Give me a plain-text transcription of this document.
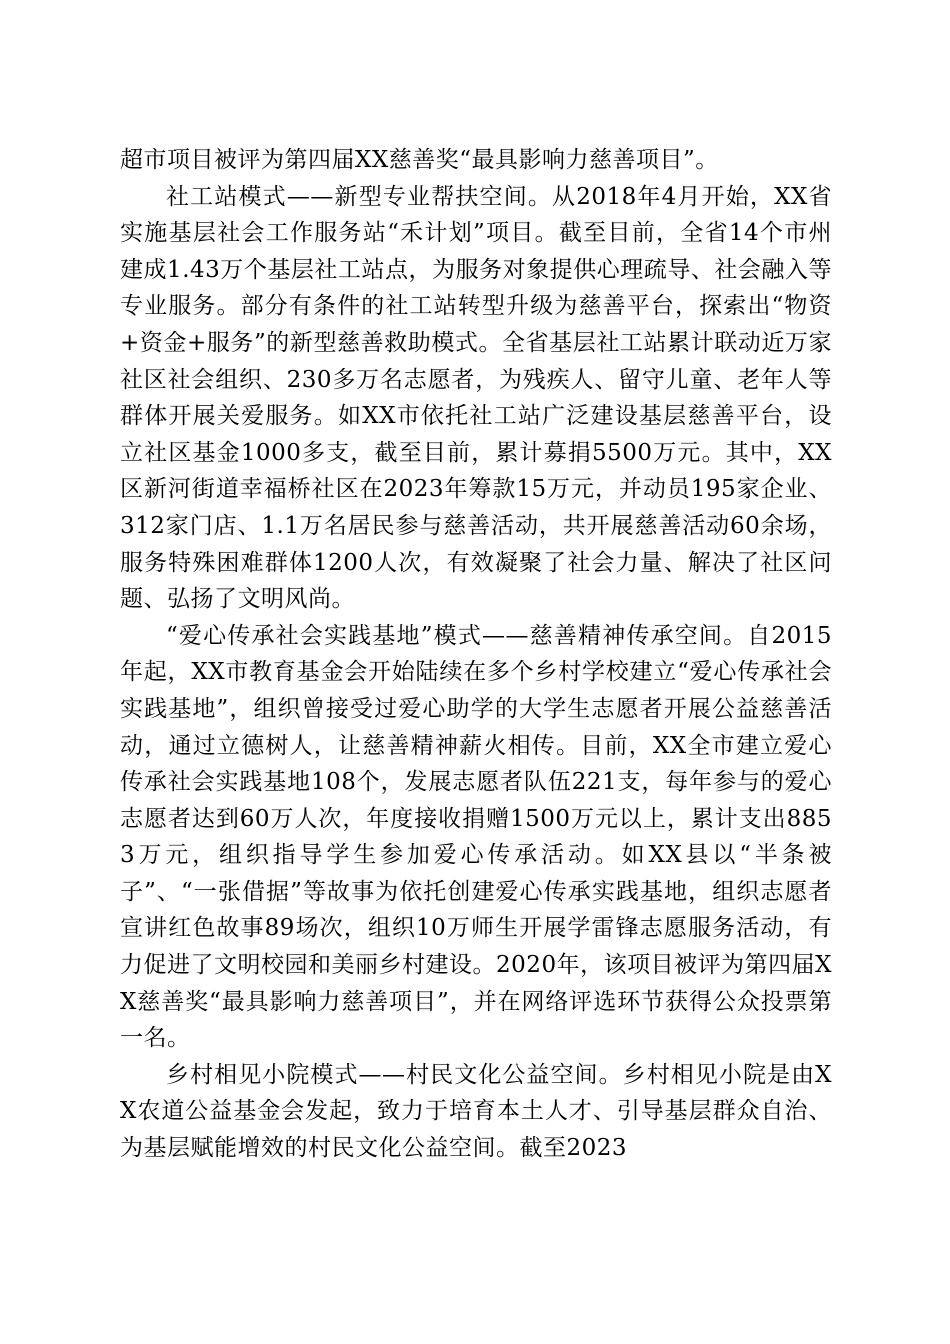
超市项目被评为第四届XX慈善奖“最具影响力慈善项目”。

社工站模式——新型专业帮扶空间。从2018年4月开始，XX省实施基层社会工作服务站“禾计划”项目。截至目前，全省14个市州建成1.43万个基层社工站点，为服务对象提供心理疏导、社会融入等专业服务。部分有条件的社工站转型升级为慈善平台，探索出“物资+资金+服务”的新型慈善救助模式。全省基层社工站累计联动近万家社区社会组织、230多万名志愿者，为残疾人、留守儿童、老年人等群体开展关爱服务。如XX市依托社工站广泛建设基层慈善平台，设立社区基金1000多支，截至目前，累计募捐5500万元。其中，XX区新河街道幸福桥社区在2023年筹款15万元，并动员195家企业、312家门店、1.1万名居民参与慈善活动，共开展慈善活动60余场，服务特殊困难群体1200人次，有效凝聚了社会力量、解决了社区问题、弘扬了文明风尚。

“爱心传承社会实践基地”模式——慈善精神传承空间。自2015年起，XX市教育基金会开始陆续在多个乡村学校建立“爱心传承社会实践基地”，组织曾接受过爱心助学的大学生志愿者开展公益慈善活动，通过立德树人，让慈善精神薪火相传。目前，XX全市建立爱心传承社会实践基地108个，发展志愿者队伍221支，每年参与的爱心志愿者达到60万人次，年度接收捐赠1500万元以上，累计支出8853万元，组织指导学生参加爱心传承活动。如XX县以“半条被子”、“一张借据”等故事为依托创建爱心传承实践基地，组织志愿者宣讲红色故事89场次，组织10万师生开展学雷锋志愿服务活动，有力促进了文明校园和美丽乡村建设。2020年，该项目被评为第四届XX慈善奖“最具影响力慈善项目”，并在网络评选环节获得公众投票第一名。

乡村相见小院模式——村民文化公益空间。乡村相见小院是由XX农道公益基金会发起，致力于培育本土人才、引导基层群众自治、为基层赋能增效的村民文化公益空间。截至2023
